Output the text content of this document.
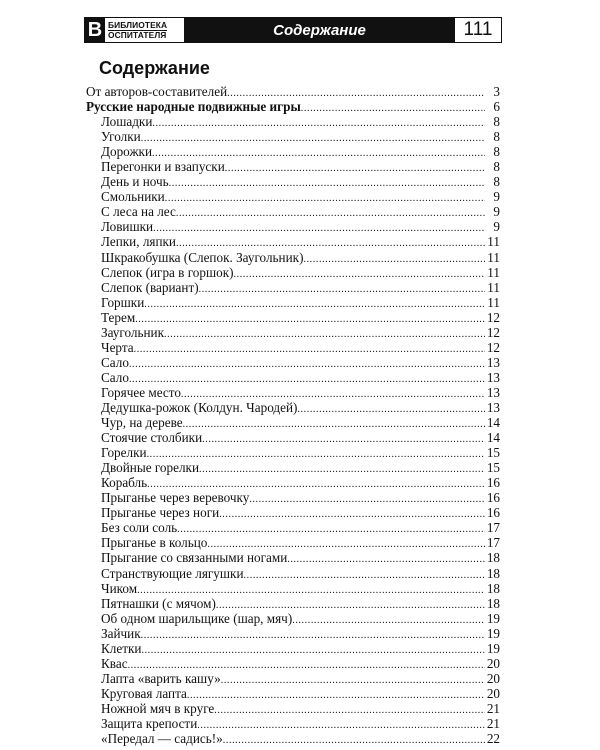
B БИБЛИОТЕКА
ОСПИТАТЕЛЯ	Содержание	111
Содержание
От авторов-составителей .....	3
Русские народные подвижные игры .....	6
Лошадки .....	8
Уголки .....	8
Дорожки .....	8
Перегонки и взапуски .....	8
День и ночь .....	8
Смольники .....	9
С леса на лес .....	9
Ловишки .....	9
Лепки, ляпки .....	11
Шкракобушка (Слепок. Заугольник) .....	11
Слепок (игра в горшок) .....	11
Слепок (вариант) .....	11
Горшки .....	11
Терем .....	12
Заугольник .....	12
Черта .....	12
Сало .....	13
Сало .....	13
Горячее место .....	13
Дедушка-рожок (Колдун. Чародей) .....	13
Чур, на дереве .....	14
Стоячие столбики .....	14
Горелки .....	15
Двойные горелки .....	15
Корабль .....	16
Прыганье через веревочку .....	16
Прыганье через ноги .....	16
Без соли соль .....	17
Прыганье в кольцо .....	17
Прыгание со связанными ногами .....	18
Странствующие лягушки .....	18
Чиком .....	18
Пятнашки (с мячом) .....	18
Об одном шарильщике (шар, мяч) .....	19
Зайчик .....	19
Клетки .....	19
Квас .....	20
Лапта «варить кашу» .....	20
Круговая лапта .....	20
Ножной мяч в круге .....	21
Защита крепости .....	21
«Передал — садись!» .....	22
